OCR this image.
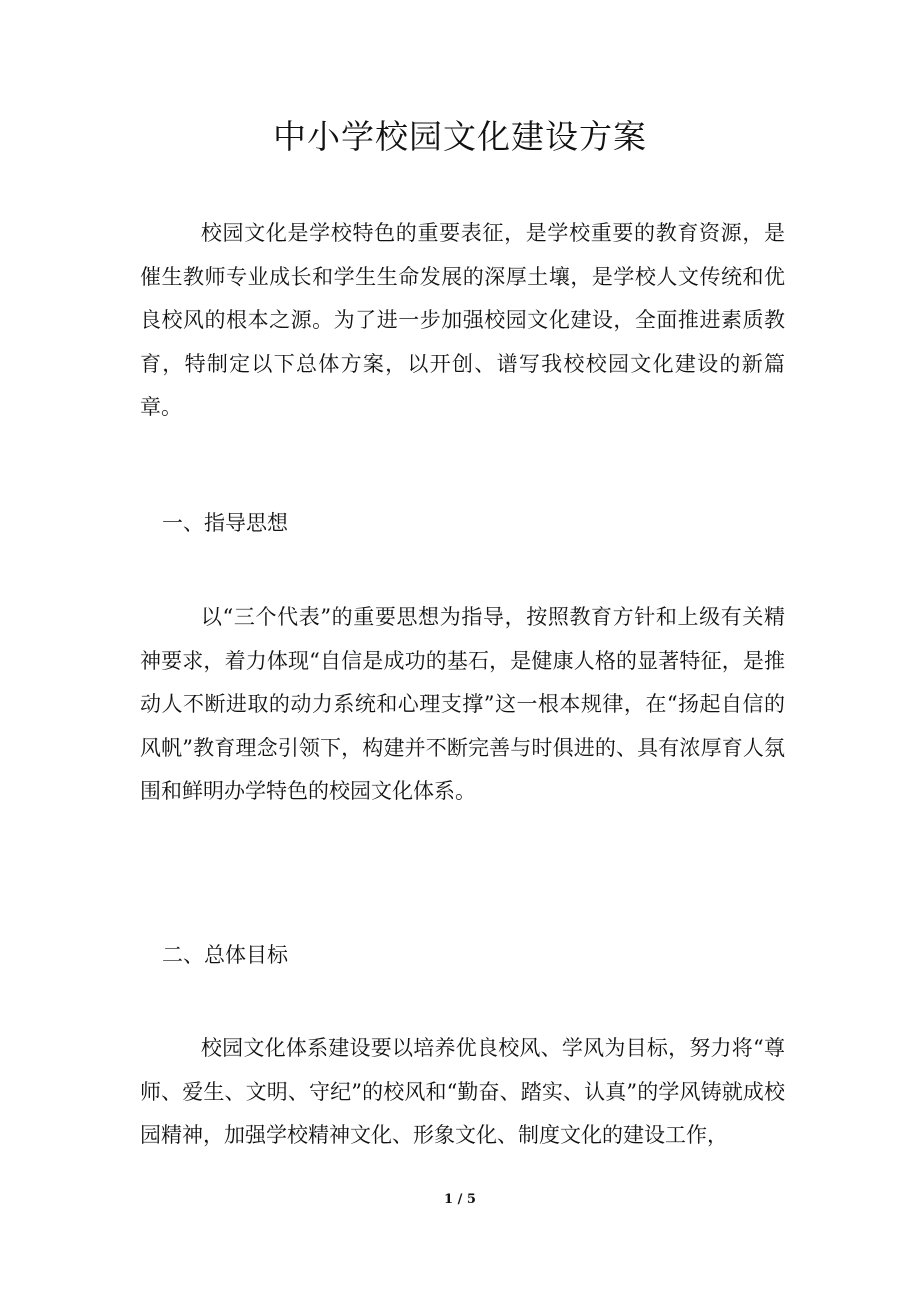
中小学校园文化建设方案

校园文化是学校特色的重要表征，是学校重要的教育资源，是催生教师专业成长和学生生命发展的深厚土壤，是学校人文传统和优良校风的根本之源。为了进一步加强校园文化建设，全面推进素质教育，特制定以下总体方案，以开创、谱写我校校园文化建设的新篇章。

一、指导思想

以“三个代表”的重要思想为指导，按照教育方针和上级有关精神要求，着力体现“自信是成功的基石，是健康人格的显著特征，是推动人不断进取的动力系统和心理支撑”这一根本规律，在“扬起自信的风帆”教育理念引领下，构建并不断完善与时俱进的、具有浓厚育人氛围和鲜明办学特色的校园文化体系。

二、总体目标

校园文化体系建设要以培养优良校风、学风为目标，努力将“尊师、爱生、文明、守纪”的校风和“勤奋、踏实、认真”的学风铸就成校园精神，加强学校精神文化、形象文化、制度文化的建设工作，

1 / 5
